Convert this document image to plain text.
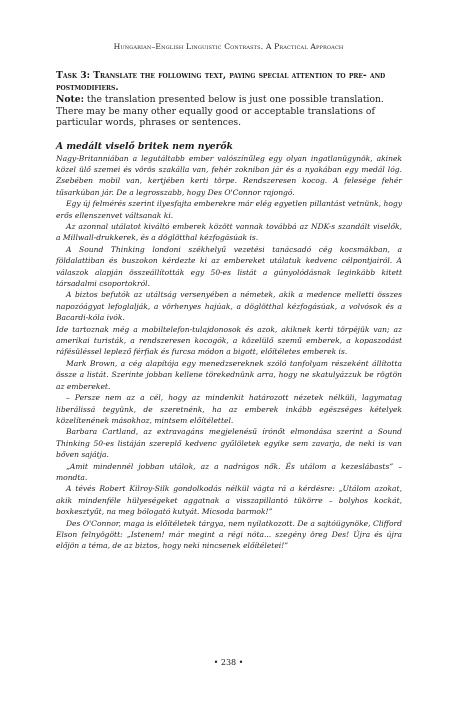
Hungarian–English Linguistic Contrasts. A Practical Approach

Task 3: Translate the following text, paying special attention to pre- and postmodifiers.

Note: the translation presented below is just one possible translation. There may be many other equally good or acceptable translations of particular words, phrases or sentences.

A medált viselő britek nem nyerők

Nagy-Britanniában a legutáltabb ember valószínűleg egy olyan ingatlanügynök, akinek közel ülő szemei és vörös szakálla van, fehér zokniban jár és a nyakában egy medál lóg. Zsebében mobil van, kertjében kerti törpe. Rendszeresen kocog. A felesége fehér tűsarkúban jár. De a legrosszabb, hogy Des O'Connor rajongó.

Egy új felmérés szerint ilyesfajta emberekre már elég egyetlen pillantást vetnünk, hogy erős ellenszenvet váltsanak ki.

Az azonnal utálatot kiváltó emberek között vannak továbbá az NDK-s szandált viselők, a Millwall-drukkerek, és a döglötthal kézfogásúak is.

A Sound Thinking londoni székhelyű vezetési tanácsadó cég kocsmákban, a földalattiban és buszokon kérdezte ki az embereket utálatuk kedvenc célpontjairól. A válaszok alapján összeállították egy 50-es listát a gúnyolódásnak leginkább kitett társadalmi csoportokról.

A biztos befutók az utáltság versenyében a németek, akik a medence melletti összes napozóágyat lefoglalják, a vörhenyes hajúak, a döglötthal kézfogásúak, a volvósok és a Bacardi-kóla ivók.

Ide tartoznak még a mobiltelefon-tulajdonosok és azok, akiknek kerti törpéjük van; az amerikai turisták, a rendszeresen kocogók, a közelülő szemű emberek, a kopaszodást ráfésüléssel leplező férfiak és furcsa módon a bigott, előítéletes emberek is.

Mark Brown, a cég alapítója egy menedzsereknek szóló tanfolyam részeként állította össze a listát. Szerinte jobban kellene törekednünk arra, hogy ne skatulyázzuk be rögtön az embereket.

– Persze nem az a cél, hogy az mindenkit határozott nézetek nélküli, lagymatag liberálissá tegyünk, de szeretnénk, ha az emberek inkább egészséges kételyek közelítenének másokhoz, mintsem előítélettel.

Barbara Cartland, az extravagáns megjelenésű írónőt elmondása szerint a Sound Thinking 50-es listáján szereplő kedvenc gyűlöletek egyike sem zavarja, de neki is van bőven sajátja.

„Amit mindennél jobban utálok, az a nadrágos nők. És utálom a kezeslábasts” – mondta.

A tévés Robert Kilroy-Silk gondolkodás nélkül vágta rá a kérdésre: „Utálom azokat, akik mindenféle hülyeségeket aggatnak a visszapillantó tükörre – bolyhos kockát, boxkesztyűt, na meg bólogató kutyát. Micsoda barmok!”

Des O'Connor, maga is előítéletek tárgya, nem nyilatkozott. De a sajtóügynöke, Clifford Elson felnyögött: „Istenem! már megint a régi nóta... szegény öreg Des! Újra és újra előjön a téma, de az biztos, hogy neki nincsenek előítéletei!”

• 238 •
